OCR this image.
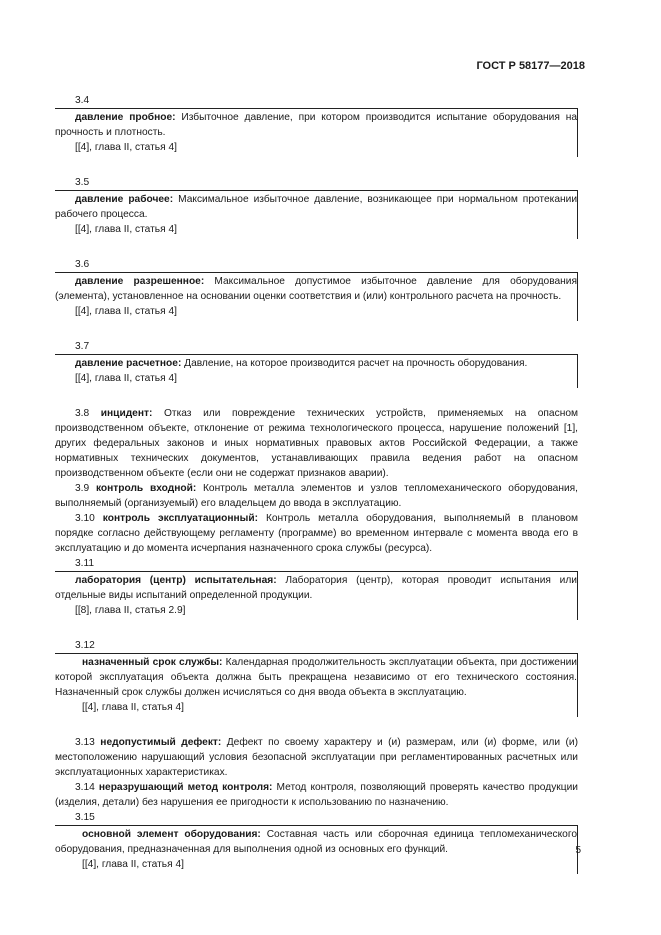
ГОСТ Р 58177—2018
3.4

давление пробное: Избыточное давление, при котором производится испытание оборудования на прочность и плотность.

[[4], глава II, статья 4]

3.5

давление рабочее: Максимальное избыточное давление, возникающее при нормальном протекании рабочего процесса.

[[4], глава II, статья 4]

3.6

давление разрешенное: Максимальное допустимое избыточное давление для оборудования (элемента), установленное на основании оценки соответствия и (или) контрольного расчета на прочность.

[[4], глава II, статья 4]

3.7

давление расчетное: Давление, на которое производится расчет на прочность оборудования.

[[4], глава II, статья 4]

3.8 инцидент: Отказ или повреждение технических устройств, применяемых на опасном производственном объекте, отклонение от режима технологического процесса, нарушение положений [1], других федеральных законов и иных нормативных правовых актов Российской Федерации, а также нормативных технических документов, устанавливающих правила ведения работ на опасном производственном объекте (если они не содержат признаков аварии).

3.9 контроль входной: Контроль металла элементов и узлов тепломеханического оборудования, выполняемый (организуемый) его владельцем до ввода в эксплуатацию.

3.10 контроль эксплуатационный: Контроль металла оборудования, выполняемый в плановом порядке согласно действующему регламенту (программе) во временном интервале с момента ввода его в эксплуатацию и до момента исчерпания назначенного срока службы (ресурса).

3.11

лаборатория (центр) испытательная: Лаборатория (центр), которая проводит испытания или отдельные виды испытаний определенной продукции.

[[8], глава II, статья 2.9]

3.12

назначенный срок службы: Календарная продолжительность эксплуатации объекта, при достижении которой эксплуатация объекта должна быть прекращена независимо от его технического состояния. Назначенный срок службы должен исчисляться со дня ввода объекта в эксплуатацию.

[[4], глава II, статья 4]

3.13 недопустимый дефект: Дефект по своему характеру и (и) размерам, или (и) форме, или (и) местоположению нарушающий условия безопасной эксплуатации при регламентированных расчетных или эксплуатационных характеристиках.

3.14 неразрушающий метод контроля: Метод контроля, позволяющий проверять качество продукции (изделия, детали) без нарушения ее пригодности к использованию по назначению.

3.15

основной элемент оборудования: Составная часть или сборочная единица тепломеханического оборудования, предназначенная для выполнения одной из основных его функций.

[[4], глава II, статья 4]

5
